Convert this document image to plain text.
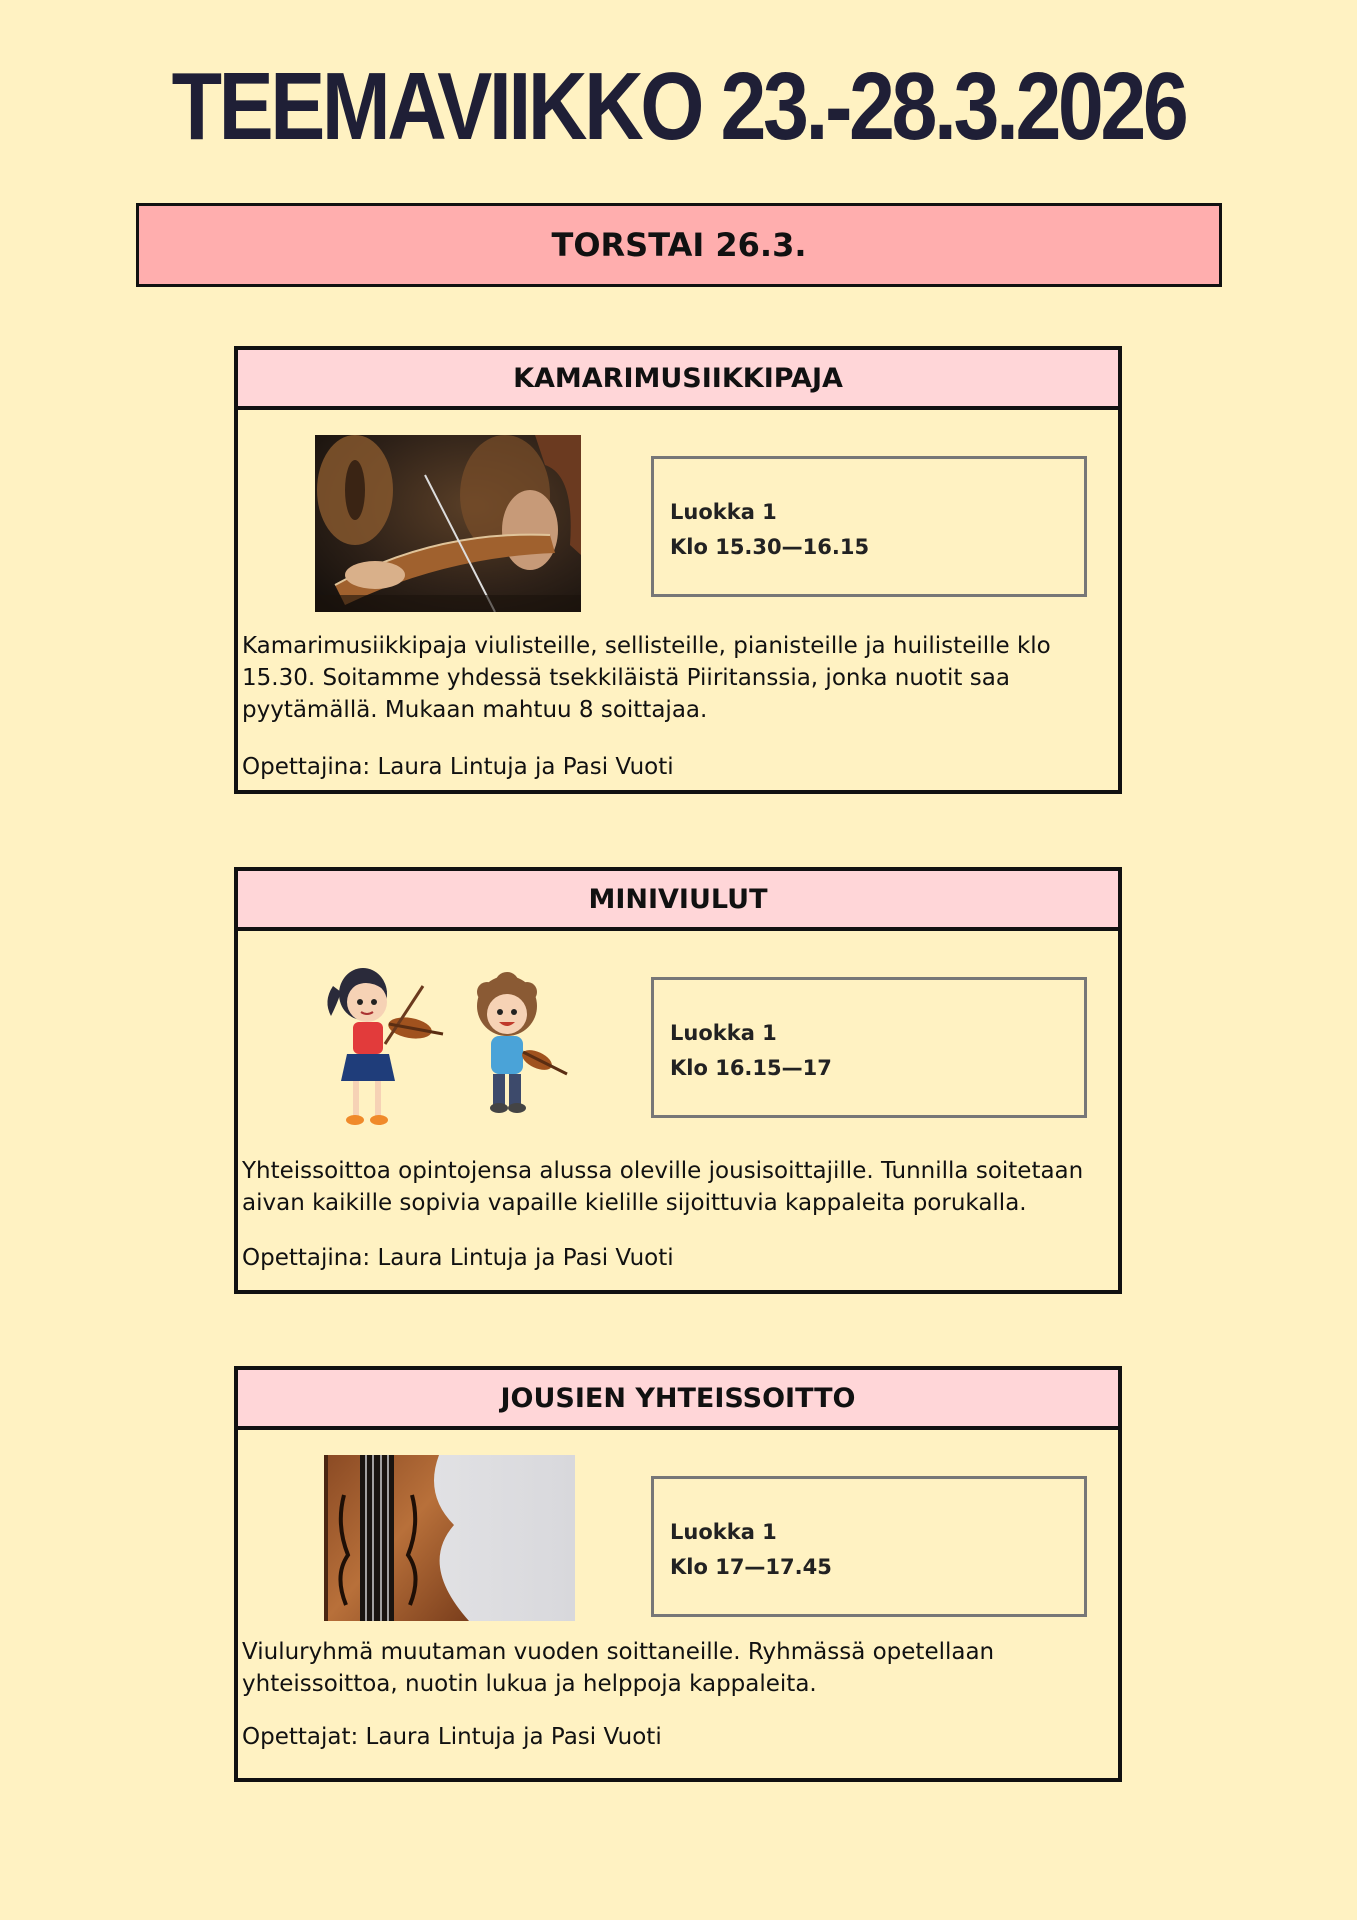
TEEMAVIIKKO 23.-28.3.2026
TORSTAI 26.3.
KAMARIMUSIIKKIPAJA
Luokka 1
Klo 15.30—16.15
Kamarimusiikkipaja viulisteille, sellisteille, pianisteille ja huilisteille klo 15.30. Soitamme yhdessä tsekkiläistä Piiritanssia, jonka nuotit saa pyytämällä. Mukaan mahtuu 8 soittajaa.
Opettajina: Laura Lintuja ja Pasi Vuoti
MINIVIULUT
Luokka 1
Klo 16.15—17
Yhteissoittoa opintojensa alussa oleville jousisoittajille. Tunnilla soitetaan aivan kaikille sopivia vapaille kielille sijoittuvia kappaleita porukalla.
Opettajina: Laura Lintuja ja Pasi Vuoti
JOUSIEN YHTEISSOITTO
Luokka 1
Klo 17—17.45
Viuluryhmä muutaman vuoden soittaneille. Ryhmässä opetellaan yhteissoittoa, nuotin lukua ja helppoja kappaleita.
Opettajat: Laura Lintuja ja Pasi Vuoti
